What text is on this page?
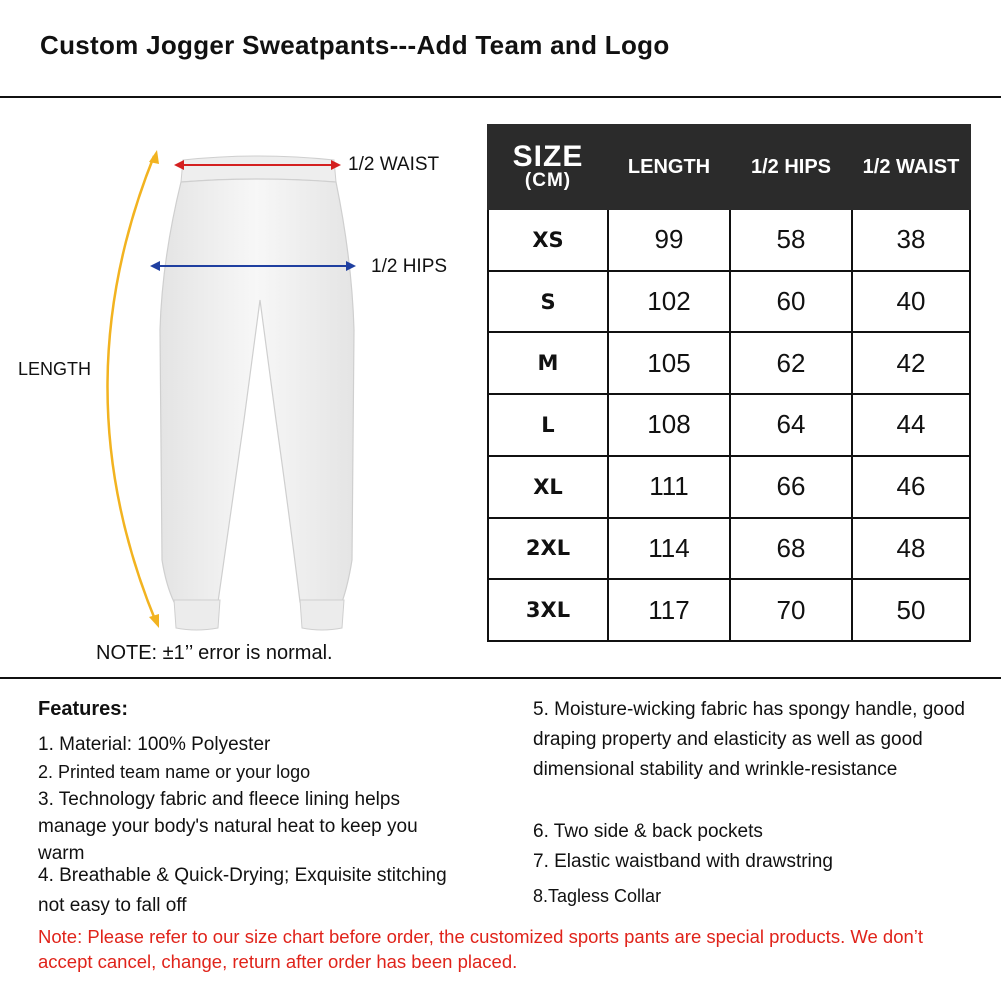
Custom Jogger Sweatpants---Add Team and Logo
1/2 WAIST
1/2 HIPS
LENGTH
NOTE: ±1’’ error is normal.
SIZE
(CM)	LENGTH	1/2 HIPS	1/2 WAIST
XS	99	58	38
S	102	60	40
M	105	62	42
L	108	64	44
XL	111	66	46
2XL	114	68	48
3XL	117	70	50
Features:
1. Material: 100% Polyester
2. Printed team name or your logo
3. Technology fabric and fleece lining helps manage your body's natural heat to keep you warm
4. Breathable & Quick-Drying; Exquisite stitching not easy to fall off
5. Moisture-wicking fabric has spongy handle, good draping property and elasticity as well as good dimensional stability and wrinkle-resistance
6. Two side & back pockets
7. Elastic waistband with drawstring
8.Tagless Collar
Note: Please refer to our size chart before order, the customized sports pants are special products. We don’t accept cancel, change, return after order has been placed.
